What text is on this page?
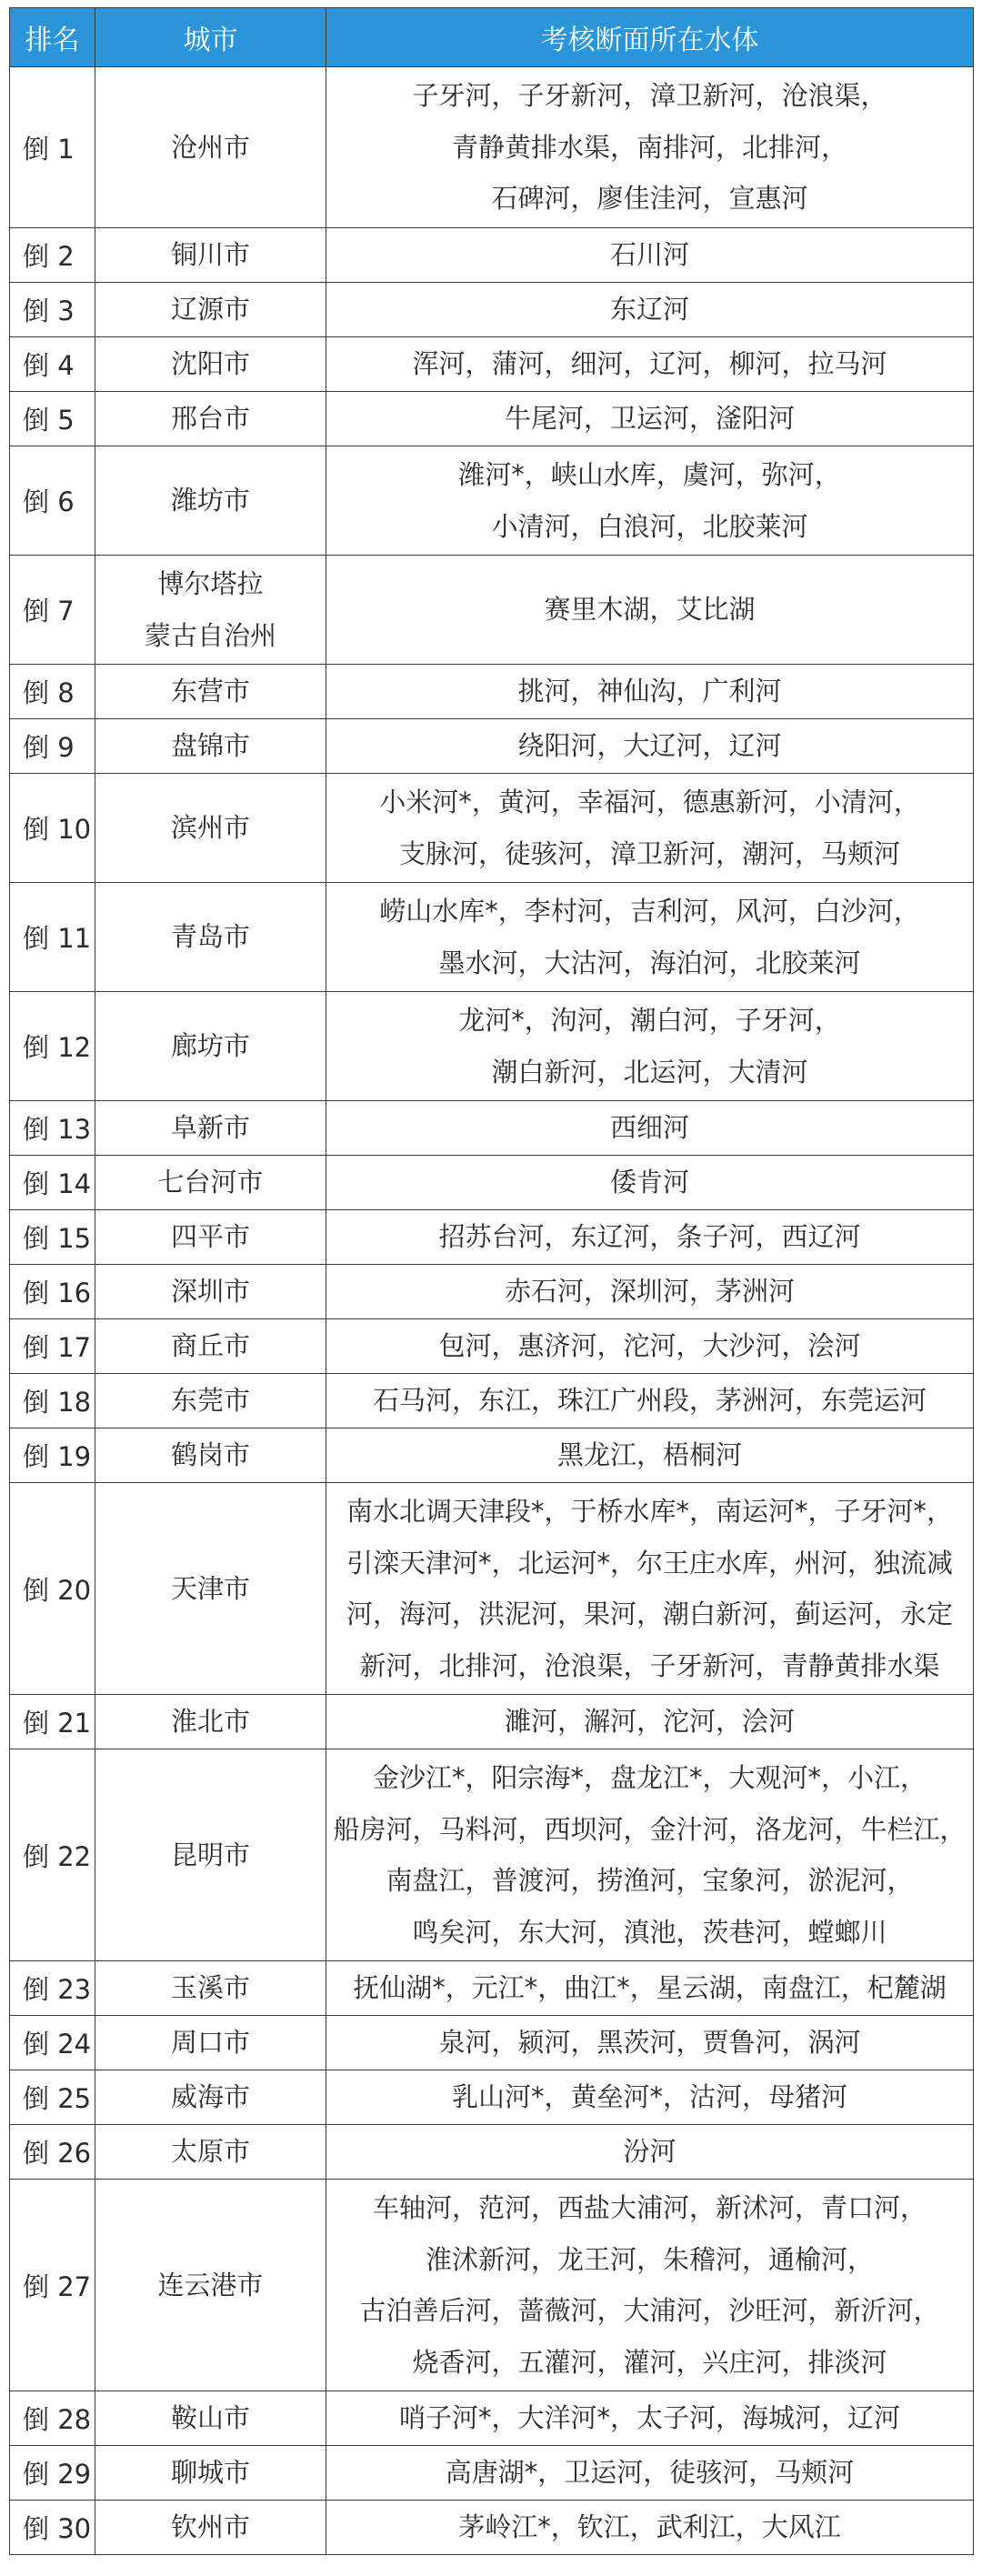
排名	城市	考核断面所在水体
倒 1	沧州市	子牙河，子牙新河，漳卫新河，沧浪渠，
青静黄排水渠，南排河，北排河，
石碑河，廖佳洼河，宣惠河

倒 2	铜川市	石川河

倒 3	辽源市	东辽河

倒 4	沈阳市	浑河，蒲河，细河，辽河，柳河，拉马河

倒 5	邢台市	牛尾河，卫运河，滏阳河

倒 6	潍坊市	潍河*，峡山水库，虞河，弥河，
小清河，白浪河，北胶莱河

倒 7	博尔塔拉
蒙古自治州	赛里木湖，艾比湖

倒 8	东营市	挑河，神仙沟，广利河

倒 9	盘锦市	绕阳河，大辽河，辽河

倒 10	滨州市	小米河*，黄河，幸福河，德惠新河，小清河，
支脉河，徒骇河，漳卫新河，潮河，马颊河

倒 11	青岛市	崂山水库*，李村河，吉利河，风河，白沙河，
墨水河，大沽河，海泊河，北胶莱河

倒 12	廊坊市	龙河*，泃河，潮白河，子牙河，
潮白新河，北运河，大清河

倒 13	阜新市	西细河

倒 14	七台河市	倭肯河

倒 15	四平市	招苏台河，东辽河，条子河，西辽河

倒 16	深圳市	赤石河，深圳河，茅洲河

倒 17	商丘市	包河，惠济河，沱河，大沙河，浍河

倒 18	东莞市	石马河，东江，珠江广州段，茅洲河，东莞运河

倒 19	鹤岗市	黑龙江，梧桐河

倒 20	天津市	南水北调天津段*，于桥水库*，南运河*，子牙河*，
引滦天津河*，北运河*，尔王庄水库，州河，独流减
河，海河，洪泥河，果河，潮白新河，蓟运河，永定
新河，北排河，沧浪渠，子牙新河，青静黄排水渠

倒 21	淮北市	濉河，澥河，沱河，浍河

倒 22	昆明市	金沙江*，阳宗海*，盘龙江*，大观河*，小江，
船房河，马料河，西坝河，金汁河，洛龙河，牛栏江，
南盘江，普渡河，捞渔河，宝象河，淤泥河，
鸣矣河，东大河，滇池，茨巷河，螳螂川

倒 23	玉溪市	抚仙湖*，元江*，曲江*，星云湖，南盘江，杞麓湖

倒 24	周口市	泉河，颍河，黑茨河，贾鲁河，涡河

倒 25	威海市	乳山河*，黄垒河*，沽河，母猪河

倒 26	太原市	汾河

倒 27	连云港市	车轴河，范河，西盐大浦河，新沭河，青口河，
淮沭新河，龙王河，朱稽河，通榆河，
古泊善后河，蔷薇河，大浦河，沙旺河，新沂河，
烧香河，五灌河，灌河，兴庄河，排淡河

倒 28	鞍山市	哨子河*，大洋河*，太子河，海城河，辽河

倒 29	聊城市	高唐湖*，卫运河，徒骇河，马颊河

倒 30	钦州市	茅岭江*，钦江，武利江，大风江
